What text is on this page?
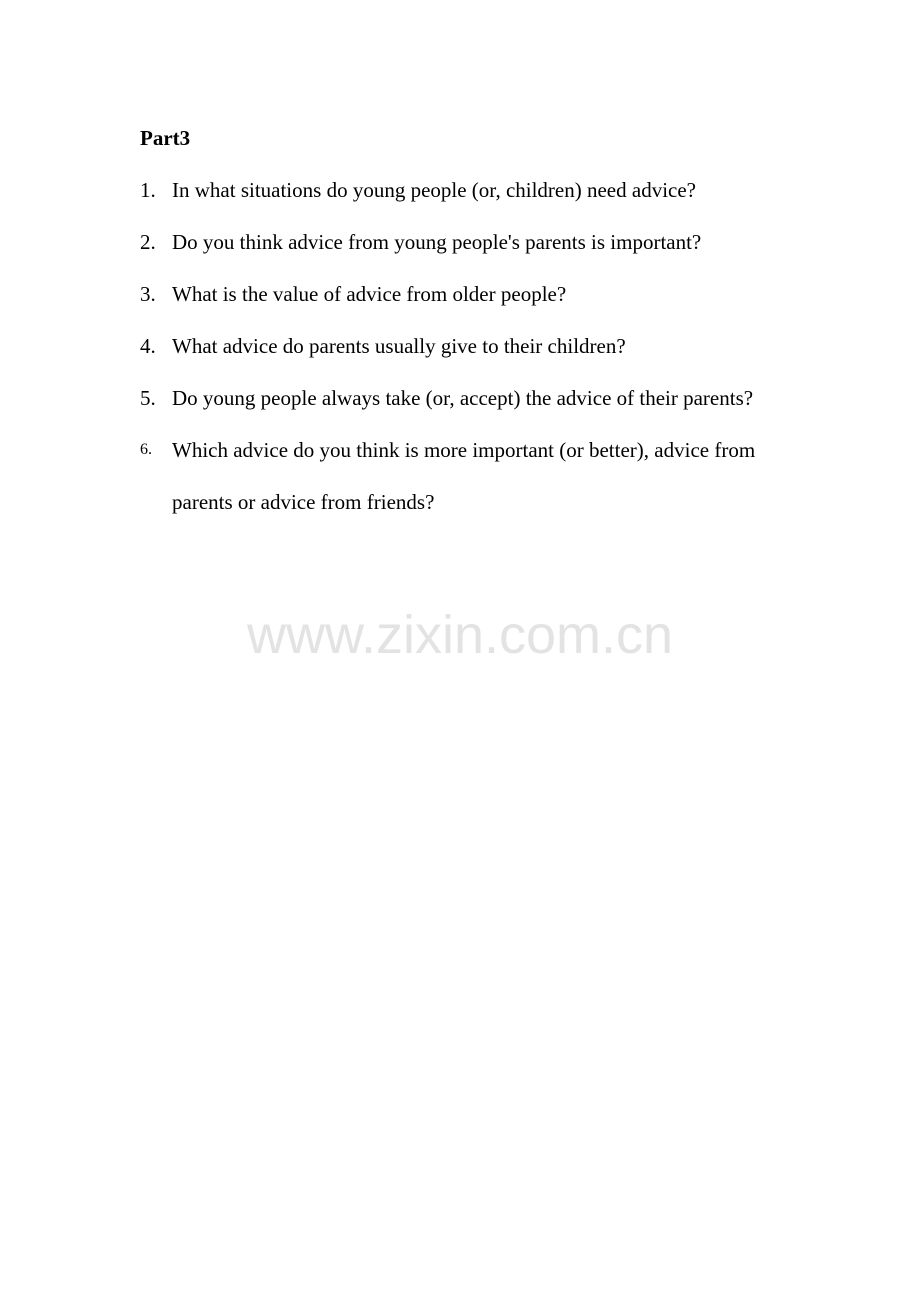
Part3
1. In what situations do young people (or, children) need advice?
2. Do you think advice from young people's parents is important?
3. What is the value of advice from older people?
4. What advice do parents usually give to their children?
5. Do young people always take (or, accept) the advice of their parents?
6. Which advice do you think is more important (or better), advice from parents or advice from friends?
www.zixin.com.cn
